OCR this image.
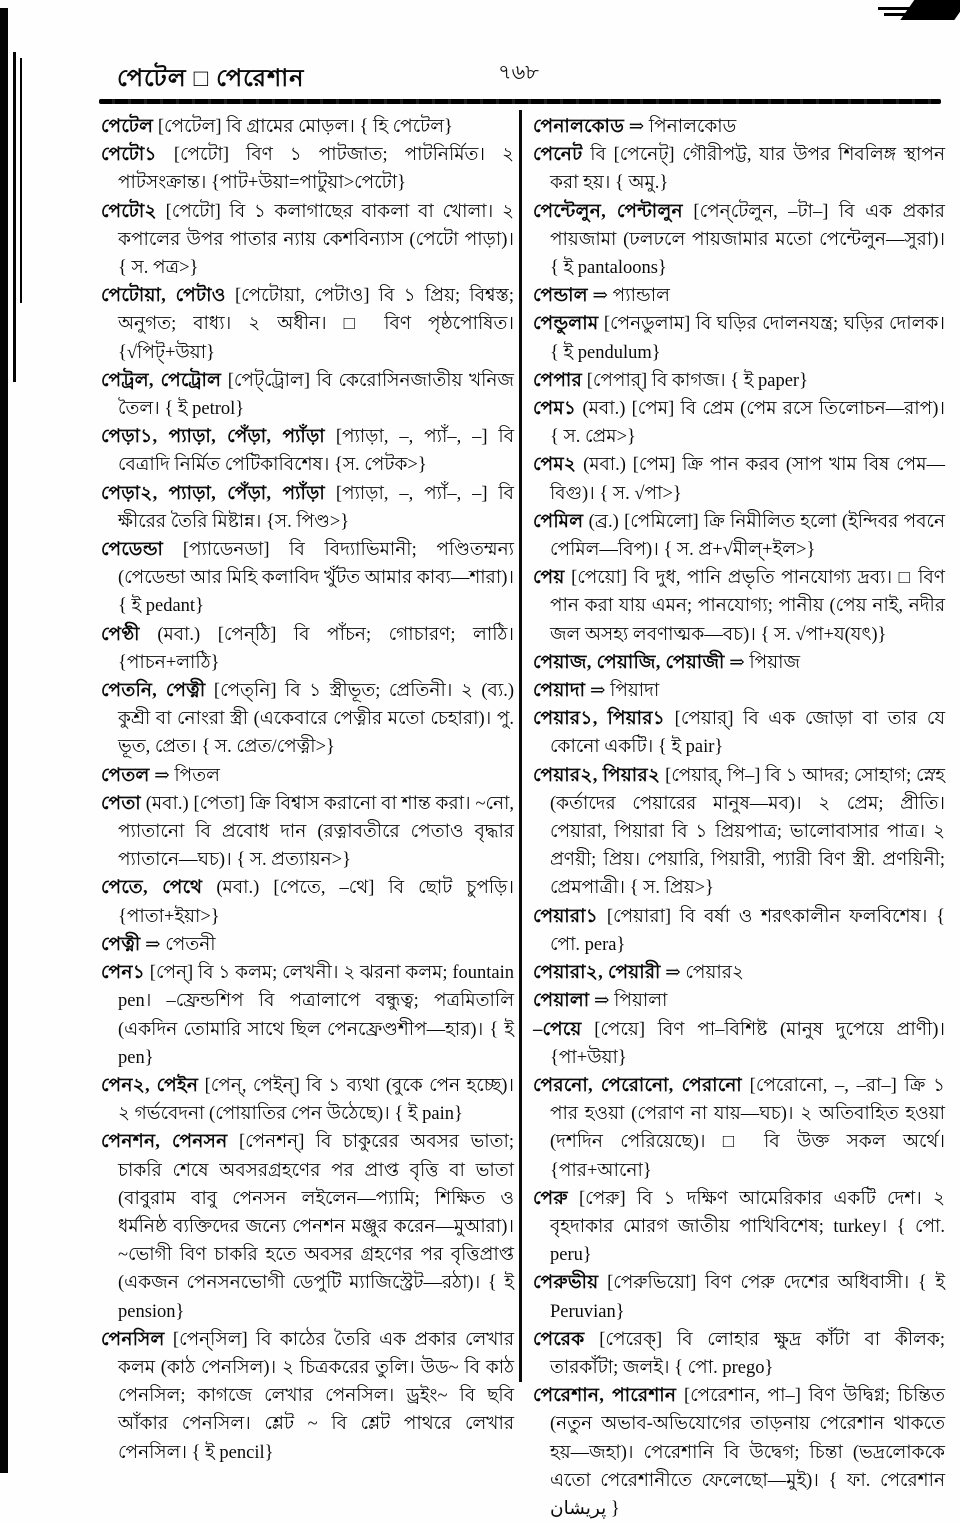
পেটেল □ পেরেশান	৭৬৮

পেটেল [পেটেল] বি গ্রামের মোড়ল। { হি পেটেল}

পেটো১ [পেটো] বিণ ১ পাটজাত; পাটনির্মিত। ২ পাটসংক্রান্ত। {পাট+উয়া=পাটুয়া>পেটো}

পেটো২ [পেটো] বি ১ কলাগাছের বাকলা বা খোলা। ২ কপালের উপর পাতার ন্যায় কেশবিন্যাস (পেটো পাড়া)। { স. পত্র>}

পেটোয়া, পেটাও [পেটোয়া, পেটাও] বি ১ প্রিয়; বিশ্বস্ত; অনুগত; বাধ্য। ২ অধীন। □ বিণ পৃষ্ঠপোষিত। {√পিট্+উয়া}

পেট্রল, পেট্রোল [পেট্‌ট্রোল] বি কেরোসিনজাতীয় খনিজ তৈল। { ই petrol}

পেড়া১, প্যাড়া, পেঁড়া, প্যাঁড়া [প্যাড়া, –, প্যাঁ–, –] বি বেত্রাদি নির্মিত পেটিকাবিশেষ। {স. পেটক>}

পেড়া২, প্যাড়া, পেঁড়া, প্যাঁড়া [প্যাড়া, –, প্যাঁ–, –] বি ক্ষীরের তৈরি মিষ্টান্ন। {স. পিণ্ড>}

পেডেন্ডা [প্যাডেনডা] বি বিদ্যাভিমানী; পণ্ডিতম্মন্য (পেডেন্ডা আর মিহি কলাবিদ খুঁটত আমার কাব্য—শারা)। { ই pedant}

পেণ্ঠী (মবা.) [পেন্‌ঠি] বি পাঁচন; গোচারণ; লাঠি। {পাচন+লাঠি}

পেতনি, পেত্নী [পেত্‌নি] বি ১ স্ত্রীভূত; প্রেতিনী। ২ (ব্য.) কুশ্রী বা নোংরা স্ত্রী (একেবারে পেত্নীর মতো চেহারা)। পু. ভূত, প্রেত। { স. প্রেত/পেত্নী>}

পেতল ⇒ পিতল

পেতা (মবা.) [পেতা] ক্রি বিশ্বাস করানো বা শান্ত করা। ~নো, প্যাতানো বি প্রবোধ দান (রত্নাবতীরে পেতাও বৃদ্ধার প্যাতানে—ঘচ)। { স. প্রত্যায়ন>}

পেতে, পেথে (মবা.) [পেতে, –থে] বি ছোট চুপড়ি। {পাতা+ইয়া>}

পেত্নী ⇒ পেতনী

পেন১ [পেন্] বি ১ কলম; লেখনী। ২ ঝরনা কলম; fountain pen। –ফ্রেন্ডশিপ বি পত্রালাপে বন্ধুত্ব; পত্রমিতালি (একদিন তোমারি সাথে ছিল পেনফ্রেণ্ডশীপ—হার)। { ই pen}

পেন২, পেইন [পেন্, পেইন্] বি ১ ব্যথা (বুকে পেন হচ্ছে)। ২ গর্ভবেদনা (পোয়াতির পেন উঠেছে)। { ই pain}

পেনশন, পেনসন [পেনশন্] বি চাকুরের অবসর ভাতা; চাকরি শেষে অবসরগ্রহণের পর প্রাপ্ত বৃত্তি বা ভাতা (বাবুরাম বাবু পেনসন লইলেন—প্যামি; শিক্ষিত ও ধর্মনিষ্ঠ ব্যক্তিদের জন্যে পেনশন মঞ্জুর করেন—মুআরা)। ~ভোগী বিণ চাকরি হতে অবসর গ্রহণের পর বৃত্তিপ্রাপ্ত (একজন পেনসনভোগী ডেপুটি ম্যাজিস্ট্রেট—রঠা)। { ই pension}

পেনসিল [পেন্‌সিল] বি কাঠের তৈরি এক প্রকার লেখার কলম (কাঠ পেনসিল)। ২ চিত্রকরের তুলি। উড~ বি কাঠ পেনসিল; কাগজে লেখার পেনসিল। ড্রইং~ বি ছবি আঁকার পেনসিল। শ্লেট ~ বি শ্লেট পাথরে লেখার পেনসিল। { ই pencil}

পেনালকোড ⇒ পিনালকোড

পেনেট বি [পেনেট্] গৌরীপট্ট, যার উপর শিবলিঙ্গ স্থাপন করা হয়। { অমু.}

পেন্টেলুন, পেন্টালুন [পেন্‌টেলুন, –টা–] বি এক প্রকার পায়জামা (ঢলঢলে পায়জামার মতো পেন্টেলুন—সুরা)। { ই pantaloons}

পেন্ডাল ⇒ প্যান্ডাল

পেন্ডুলাম [পেনডুলাম] বি ঘড়ির দোলনযন্ত্র; ঘড়ির দোলক। { ই pendulum}

পেপার [পেপার্] বি কাগজ। { ই paper}

পেম১ (মবা.) [পেম] বি প্রেম (পেম রসে তিলোচন—রাপ)। { স. প্রেম>}

পেম২ (মবা.) [পেম] ক্রি পান করব (সাপ খাম বিষ পেম—বিগু)। { স. √পা>}

পেমিল (ব্র.) [পেমিলো] ক্রি নিমীলিত হলো (ইন্দিবর পবনে পেমিল—বিপ)। { স. প্র+√মীল্+ইল>}

পেয় [পেয়ো] বি দুধ, পানি প্রভৃতি পানযোগ্য দ্রব্য। □ বিণ পান করা যায় এমন; পানযোগ্য; পানীয় (পেয় নাই, নদীর জল অসহ্য লবণাত্মক—বচ)। { স. √পা+য(যৎ)}

পেয়াজ, পেয়াজি, পেয়াজী ⇒ পিয়াজ

পেয়াদা ⇒ পিয়াদা

পেয়ার১, পিয়ার১ [পেয়ার্] বি এক জোড়া বা তার যে কোনো একটি। { ই pair}

পেয়ার২, পিয়ার২ [পেয়ার্, পি–] বি ১ আদর; সোহাগ; স্নেহ (কর্তাদের পেয়ারের মানুষ—মব)। ২ প্রেম; প্রীতি। পেয়ারা, পিয়ারা বি ১ প্রিয়পাত্র; ভালোবাসার পাত্র। ২ প্রণয়ী; প্রিয়। পেয়ারি, পিয়ারী, প্যারী বিণ স্ত্রী. প্রণয়িনী; প্রেমপাত্রী। { স. প্রিয়>}

পেয়ারা১ [পেয়ারা] বি বর্ষা ও শরৎকালীন ফলবিশেষ। { পো. pera}

পেয়ারা২, পেয়ারী ⇒ পেয়ার২

পেয়ালা ⇒ পিয়ালা

–পেয়ে [পেয়ে] বিণ পা–বিশিষ্ট (মানুষ দুপেয়ে প্রাণী)। {পা+উয়া}

পেরনো, পেরোনো, পেরানো [পেরোনো, –, –রা–] ক্রি ১ পার হওয়া (পেরাণ না যায়—ঘচ)। ২ অতিবাহিত হওয়া (দশদিন পেরিয়েছে)। □ বি উক্ত সকল অর্থে। {পার+আনো}

পেরু [পেরু] বি ১ দক্ষিণ আমেরিকার একটি দেশ। ২ বৃহদাকার মোরগ জাতীয় পাখিবিশেষ; turkey। { পো. peru}

পেরুভীয় [পেরুভিয়ো] বিণ পেরু দেশের অধিবাসী। { ই Peruvian}

পেরেক [পেরেক্] বি লোহার ক্ষুদ্র কাঁটা বা কীলক; তারকাঁটা; জলই। { পো. prego}

পেরেশান, পারেশান [পেরেশান, পা–] বিণ উদ্বিগ্ন; চিন্তিত (নতুন অভাব-অভিযোগের তাড়নায় পেরেশান থাকতে হয়—জহা)। পেরেশানি বি উদ্বেগ; চিন্তা (ভদ্রলোককে এতো পেরেশানীতে ফেলেছো—মুই)। { ফা. পেরেশান پریشان }
